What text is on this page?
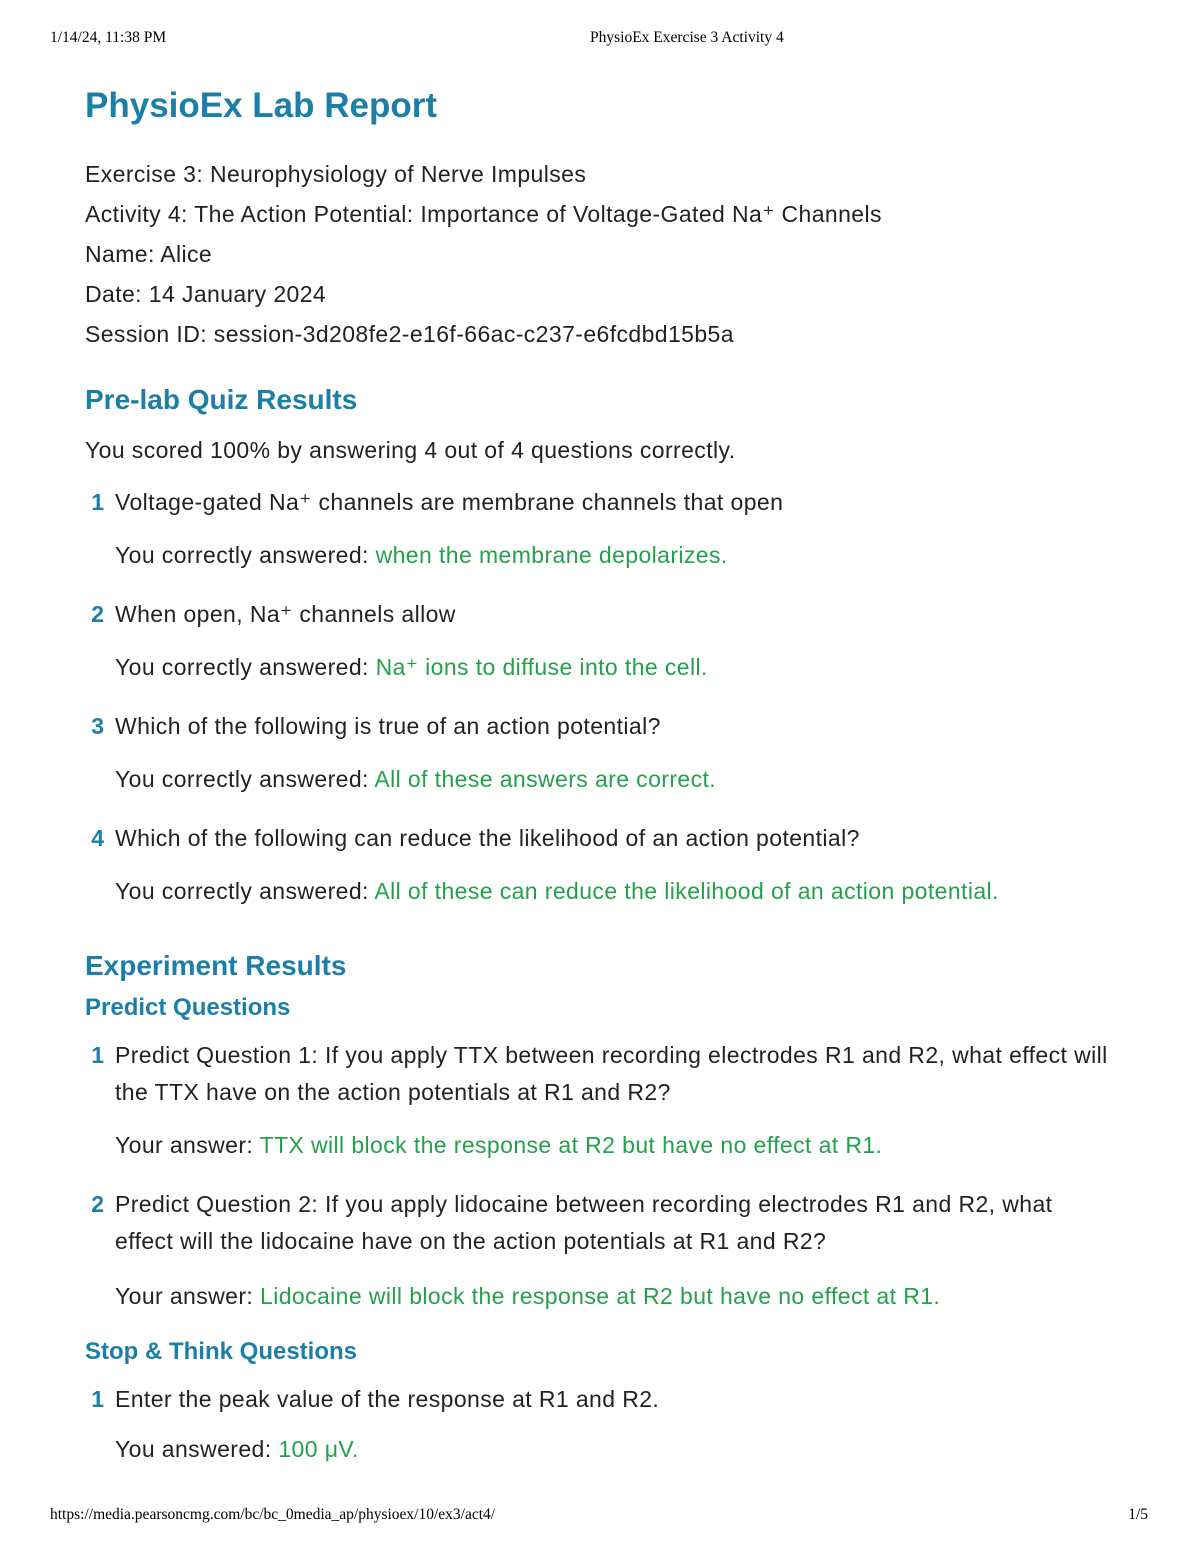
1/14/24, 11:38 PM	PhysioEx Exercise 3 Activity 4
PhysioEx Lab Report
Exercise 3: Neurophysiology of Nerve Impulses
Activity 4: The Action Potential: Importance of Voltage-Gated Na⁺ Channels
Name: Alice
Date: 14 January 2024
Session ID: session-3d208fe2-e16f-66ac-c237-e6fcdbd15b5a
Pre-lab Quiz Results
You scored 100% by answering 4 out of 4 questions correctly.
1 Voltage-gated Na⁺ channels are membrane channels that open
You correctly answered: when the membrane depolarizes.
2 When open, Na⁺ channels allow
You correctly answered: Na⁺ ions to diffuse into the cell.
3 Which of the following is true of an action potential?
You correctly answered: All of these answers are correct.
4 Which of the following can reduce the likelihood of an action potential?
You correctly answered: All of these can reduce the likelihood of an action potential.
Experiment Results
Predict Questions
1 Predict Question 1: If you apply TTX between recording electrodes R1 and R2, what effect will the TTX have on the action potentials at R1 and R2?
Your answer: TTX will block the response at R2 but have no effect at R1.
2 Predict Question 2: If you apply lidocaine between recording electrodes R1 and R2, what effect will the lidocaine have on the action potentials at R1 and R2?
Your answer: Lidocaine will block the response at R2 but have no effect at R1.
Stop & Think Questions
1 Enter the peak value of the response at R1 and R2.
You answered: 100 μV.
https://media.pearsoncmg.com/bc/bc_0media_ap/physioex/10/ex3/act4/	1/5
